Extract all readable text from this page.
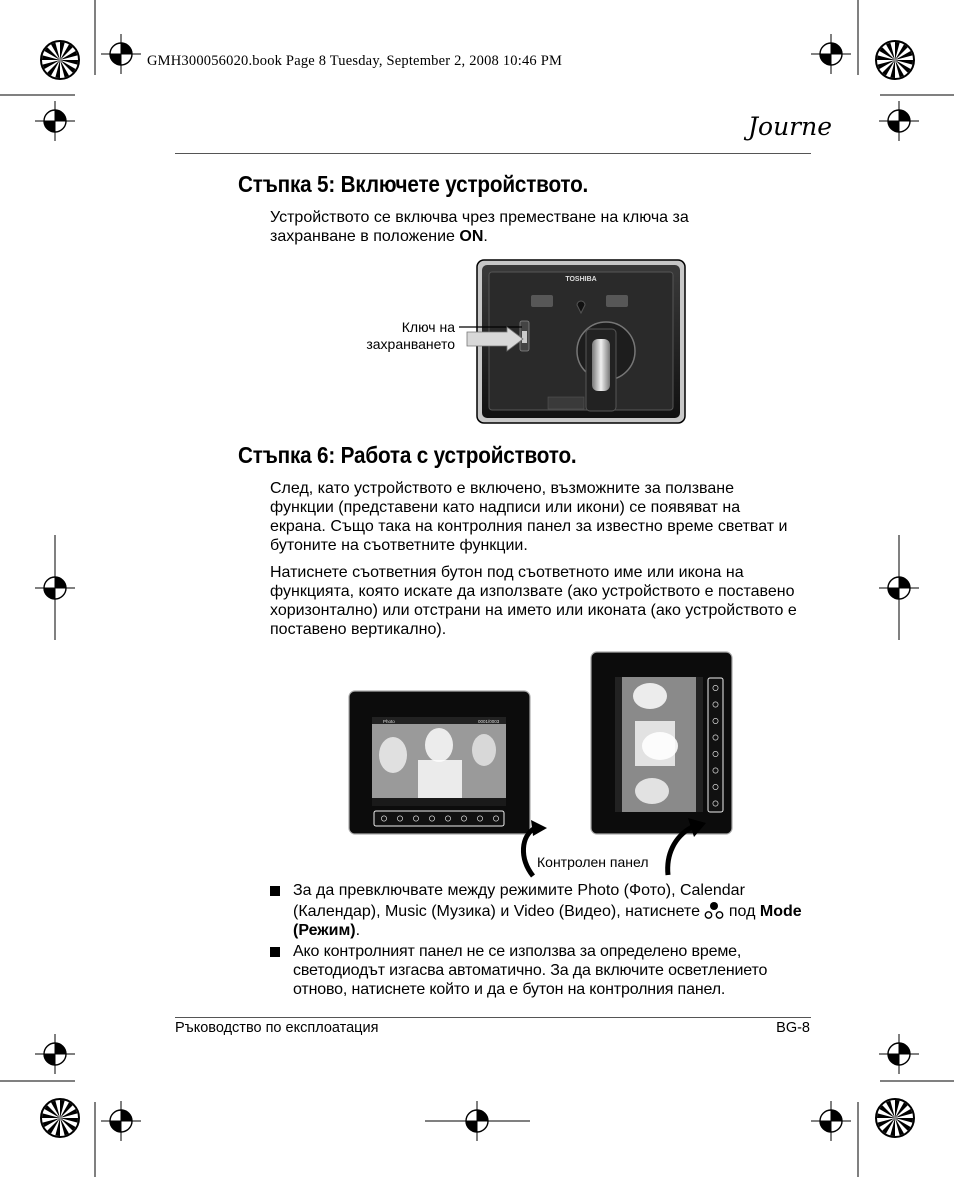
GMH300056020.book Page 8 Tuesday, September 2, 2008 10:46 PM
Journe
Стъпка 5: Включете устройството.
Устройството се включва чрез преместване на ключа за захранване в положение ON.
TOSHIBA
Ключ на
захранването
Стъпка 6: Работа с устройството.
След, като устройството е включено, възможните за ползване функции (представени като надписи или икони) се появяват на екрана. Също така на контролния панел за известно време светват и бутоните на съответните функции.
Натиснете съответния бутон под съответното име или икона на функцията, която искате да използвате (ако устройството е поставено хоризонтално) или отстрани на името или иконата (ако устройството е поставено вертикално).
Photo	0001/0003
Контролен панел
За да превключвате между режимите Photo (Фото), Calendar (Календар), Music (Музика) и Video (Видео), натиснете под Mode (Режим).
Ако контролният панел не се използва за определено време, светодиодът изгасва автоматично. За да включите осветлението отново, натиснете който и да е бутон на контролния панел.
Ръководство по експлоатация	BG-8
